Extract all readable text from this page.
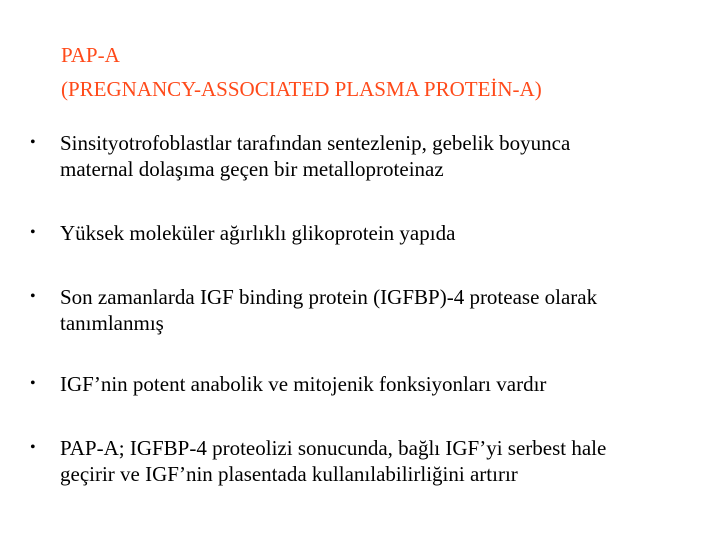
PAP-A
(PREGNANCY-ASSOCIATED PLASMA PROTEİN-A)
• Sinsityotrofoblastlar tarafından sentezlenip, gebelik boyunca
maternal dolaşıma geçen bir metalloproteinaz
• Yüksek moleküler ağırlıklı glikoprotein yapıda
• Son zamanlarda IGF binding protein (IGFBP)-4 protease olarak
tanımlanmış
• IGF’nin potent anabolik ve mitojenik fonksiyonları vardır
• PAP-A; IGFBP-4 proteolizi sonucunda, bağlı IGF’yi serbest hale
geçirir ve IGF’nin plasentada kullanılabilirliğini artırır
